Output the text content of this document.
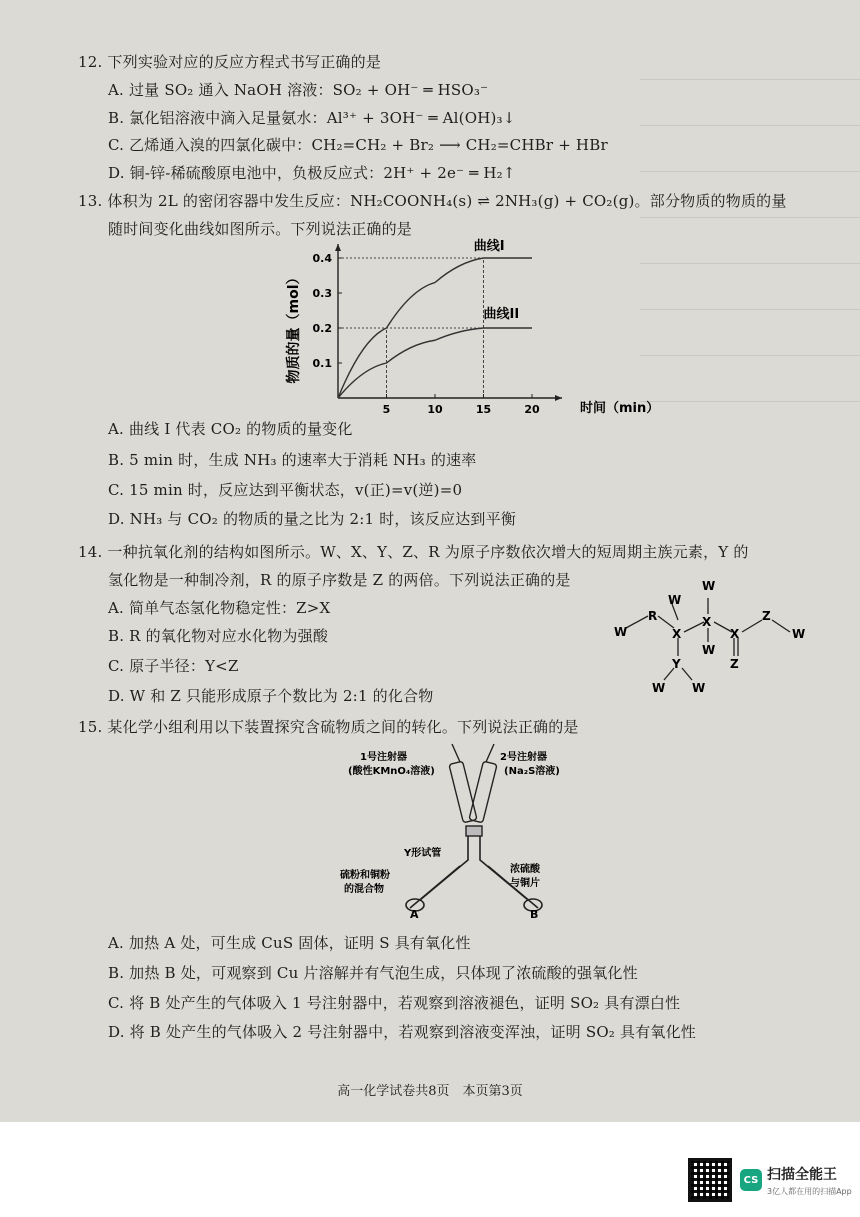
12. 下列实验对应的反应方程式书写正确的是
A. 过量 SO₂ 通入 NaOH 溶液：SO₂ + OH⁻ ═ HSO₃⁻
B. 氯化铝溶液中滴入足量氨水：Al³⁺ + 3OH⁻ ═ Al(OH)₃↓
C. 乙烯通入溴的四氯化碳中：CH₂=CH₂ + Br₂ ⟶ CH₂=CHBr + HBr
D. 铜-锌-稀硫酸原电池中，负极反应式：2H⁺ + 2e⁻ ═ H₂↑
13. 体积为 2L 的密闭容器中发生反应：NH₂COONH₄(s) ⇌ 2NH₃(g) + CO₂(g)。部分物质的物质的量
随时间变化曲线如图所示。下列说法正确的是
5	10	15	20
0.1
0.2
0.3
0.4
物质的量（mol）
时间（min）
曲线I
曲线II
A. 曲线 I 代表 CO₂ 的物质的量变化
B. 5 min 时，生成 NH₃ 的速率大于消耗 NH₃ 的速率
C. 15 min 时，反应达到平衡状态，v(正)=v(逆)=0
D. NH₃ 与 CO₂ 的物质的量之比为 2:1 时，该反应达到平衡
14. 一种抗氧化剂的结构如图所示。W、X、Y、Z、R 为原子序数依次增大的短周期主族元素，Y 的
氢化物是一种制冷剂，R 的原子序数是 Z 的两倍。下列说法正确的是
A. 简单气态氢化物稳定性：Z>X
B. R 的氧化物对应水化物为强酸
C. 原子半径：Y<Z
D. W 和 Z 只能形成原子个数比为 2:1 的化合物
W
R
W
X
W
X
W
X
Z
W
Y
W W
Z
15. 某化学小组利用以下装置探究含硫物质之间的转化。下列说法正确的是
1号注射器
(酸性KMnO₄溶液)
2号注射器
(Na₂S溶液)
Y形试管
硫粉和铜粉
的混合物
浓硫酸
与铜片
A	B
A. 加热 A 处，可生成 CuS 固体，证明 S 具有氧化性
B. 加热 B 处，可观察到 Cu 片溶解并有气泡生成，只体现了浓硫酸的强氧化性
C. 将 B 处产生的气体吸入 1 号注射器中，若观察到溶液褪色，证明 SO₂ 具有漂白性
D. 将 B 处产生的气体吸入 2 号注射器中，若观察到溶液变浑浊，证明 SO₂ 具有氧化性
高一化学试卷共8页　本页第3页
CS 扫描全能王
3亿人都在用的扫描App
